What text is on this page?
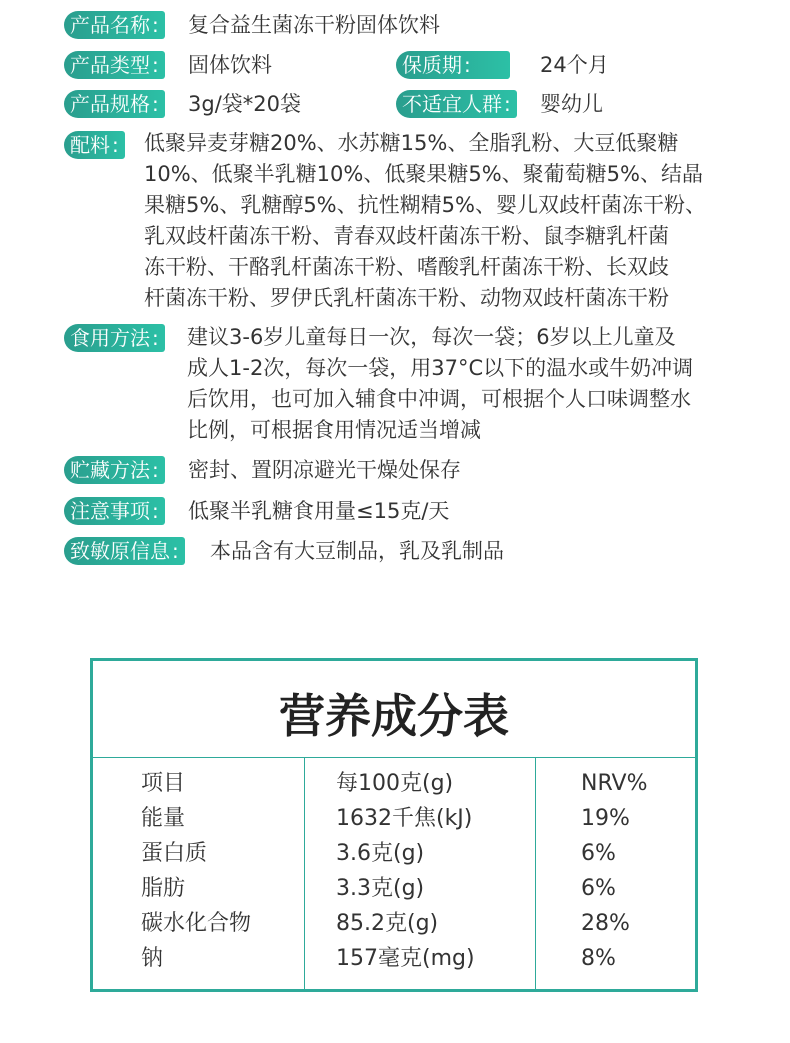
产品名称 : 复合益生菌冻干粉固体饮料
产品类型 : 固体饮料	保质期 :	24个月
产品规格 : 3g/袋*20袋	不适宜人群 : 婴幼儿
配料 : 低聚异麦芽糖20%、水苏糖15%、全脂乳粉、大豆低聚糖
10%、低聚半乳糖10%、低聚果糖5%、聚葡萄糖5%、结晶
果糖5%、乳糖醇5%、抗性糊精5%、婴儿双歧杆菌冻干粉、
乳双歧杆菌冻干粉、青春双歧杆菌冻干粉、鼠李糖乳杆菌
冻干粉、干酪乳杆菌冻干粉、嗜酸乳杆菌冻干粉、长双歧
杆菌冻干粉、罗伊氏乳杆菌冻干粉、动物双歧杆菌冻干粉
食用方法 : 建议3-6岁儿童每日一次，每次一袋；6岁以上儿童及
成人1-2次，每次一袋，用37°C以下的温水或牛奶冲调
后饮用，也可加入辅食中冲调，可根据个人口味调整水
比例，可根据食用情况适当增减
贮藏方法 : 密封、置阴凉避光干燥处保存
注意事项 : 低聚半乳糖食用量≤15克/天
致敏原信息 : 本品含有大豆制品，乳及乳制品
营养成分表
项目	每100克(g)	NRV%
能量	1632千焦(kJ)	19%
蛋白质	3.6克(g)	6%
脂肪	3.3克(g)	6%
碳水化合物	85.2克(g)	28%
钠	157毫克(mg)	8%
